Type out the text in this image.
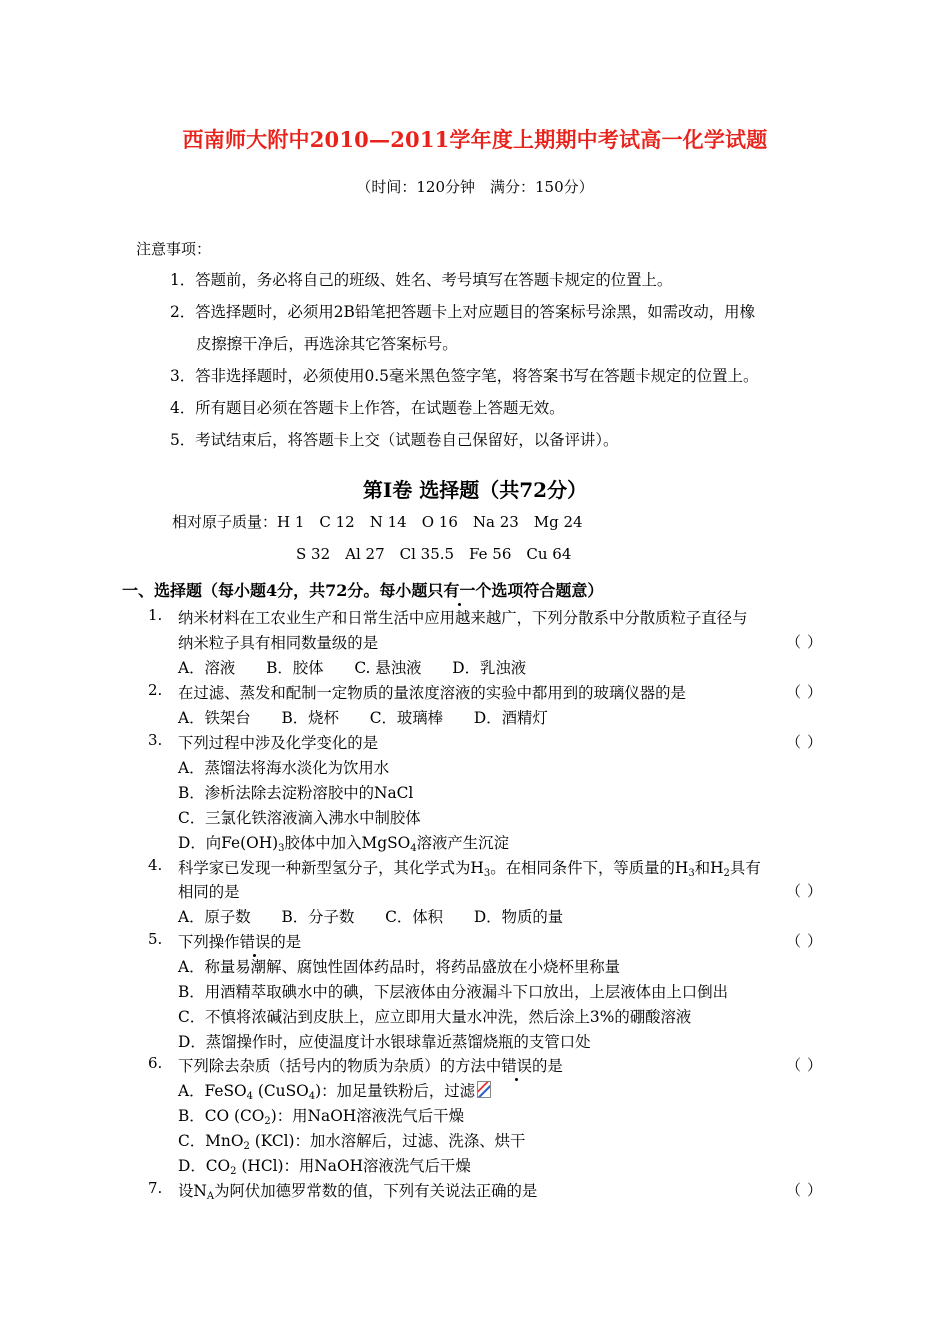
西南师大附中2010—2011学年度上期期中考试高一化学试题
（时间：120分钟　满分：150分）
注意事项：
1．答题前，务必将自己的班级、姓名、考号填写在答题卡规定的位置上。
2．答选择题时，必须用2B铅笔把答题卡上对应题目的答案标号涂黑，如需改动，用橡
皮擦擦干净后，再选涂其它答案标号。
3．答非选择题时，必须使用0.5毫米黑色签字笔，将答案书写在答题卡规定的位置上。
4．所有题目必须在答题卡上作答，在试题卷上答题无效。
5．考试结束后，将答题卡上交（试题卷自己保留好，以备评讲）。
第Ⅰ卷 选择题（共72分）
相对原子质量：H 1　C 12　N 14　O 16　Na 23　Mg 24
S 32　Al 27　Cl 35.5　Fe 56　Cu 64
一、选择题（每小题4分，共72分。每小题只有一个选项符合题意）
1. 纳米材料在工农业生产和日常生活中应用越来越广，下列分散系中分散质粒子直径与
纳米粒子具有相同数量级的是	（）
A．溶液　　B．胶体　　C. 悬浊液　　D．乳浊液
2. 在过滤、蒸发和配制一定物质的量浓度溶液的实验中都用到的玻璃仪器的是	（）
A．铁架台　　B．烧杯　　C．玻璃棒　　D．酒精灯
3. 下列过程中涉及化学变化的是	（）
A．蒸馏法将海水淡化为饮用水
B．渗析法除去淀粉溶胶中的NaCl
C．三氯化铁溶液滴入沸水中制胶体
D．向$Fe(OH)_3$胶体中加入MgSO$_4$溶液产生沉淀
4. 科学家已发现一种新型氢分子，其化学式为$H_3$。在相同条件下，等质量的$H_3$和$H_2$具有
相同的是	（）
A．原子数　　B．分子数　　C．体积　　D．物质的量
5. 下列操作错误的是	（）
A．称量易潮解、腐蚀性固体药品时，将药品盛放在小烧杯里称量
B．用酒精萃取碘水中的碘，下层液体由分液漏斗下口放出，上层液体由上口倒出
C．不慎将浓碱沾到皮肤上，应立即用大量水冲洗，然后涂上3%的硼酸溶液
D．蒸馏操作时，应使温度计水银球靠近蒸馏烧瓶的支管口处
6. 下列除去杂质（括号内的物质为杂质）的方法中错误的是	（）
A．FeSO$_4$ (CuSO$_4$)：加足量铁粉后，过滤
B．CO $(CO_2)$：用NaOH溶液洗气后干燥
C．MnO$_2$ (KCl)：加水溶解后，过滤、洗涤、烘干
D．$CO_2$ (HCl)：用NaOH溶液洗气后干燥
7. 设$N_A$为阿伏加德罗常数的值，下列有关说法正确的是	（）
